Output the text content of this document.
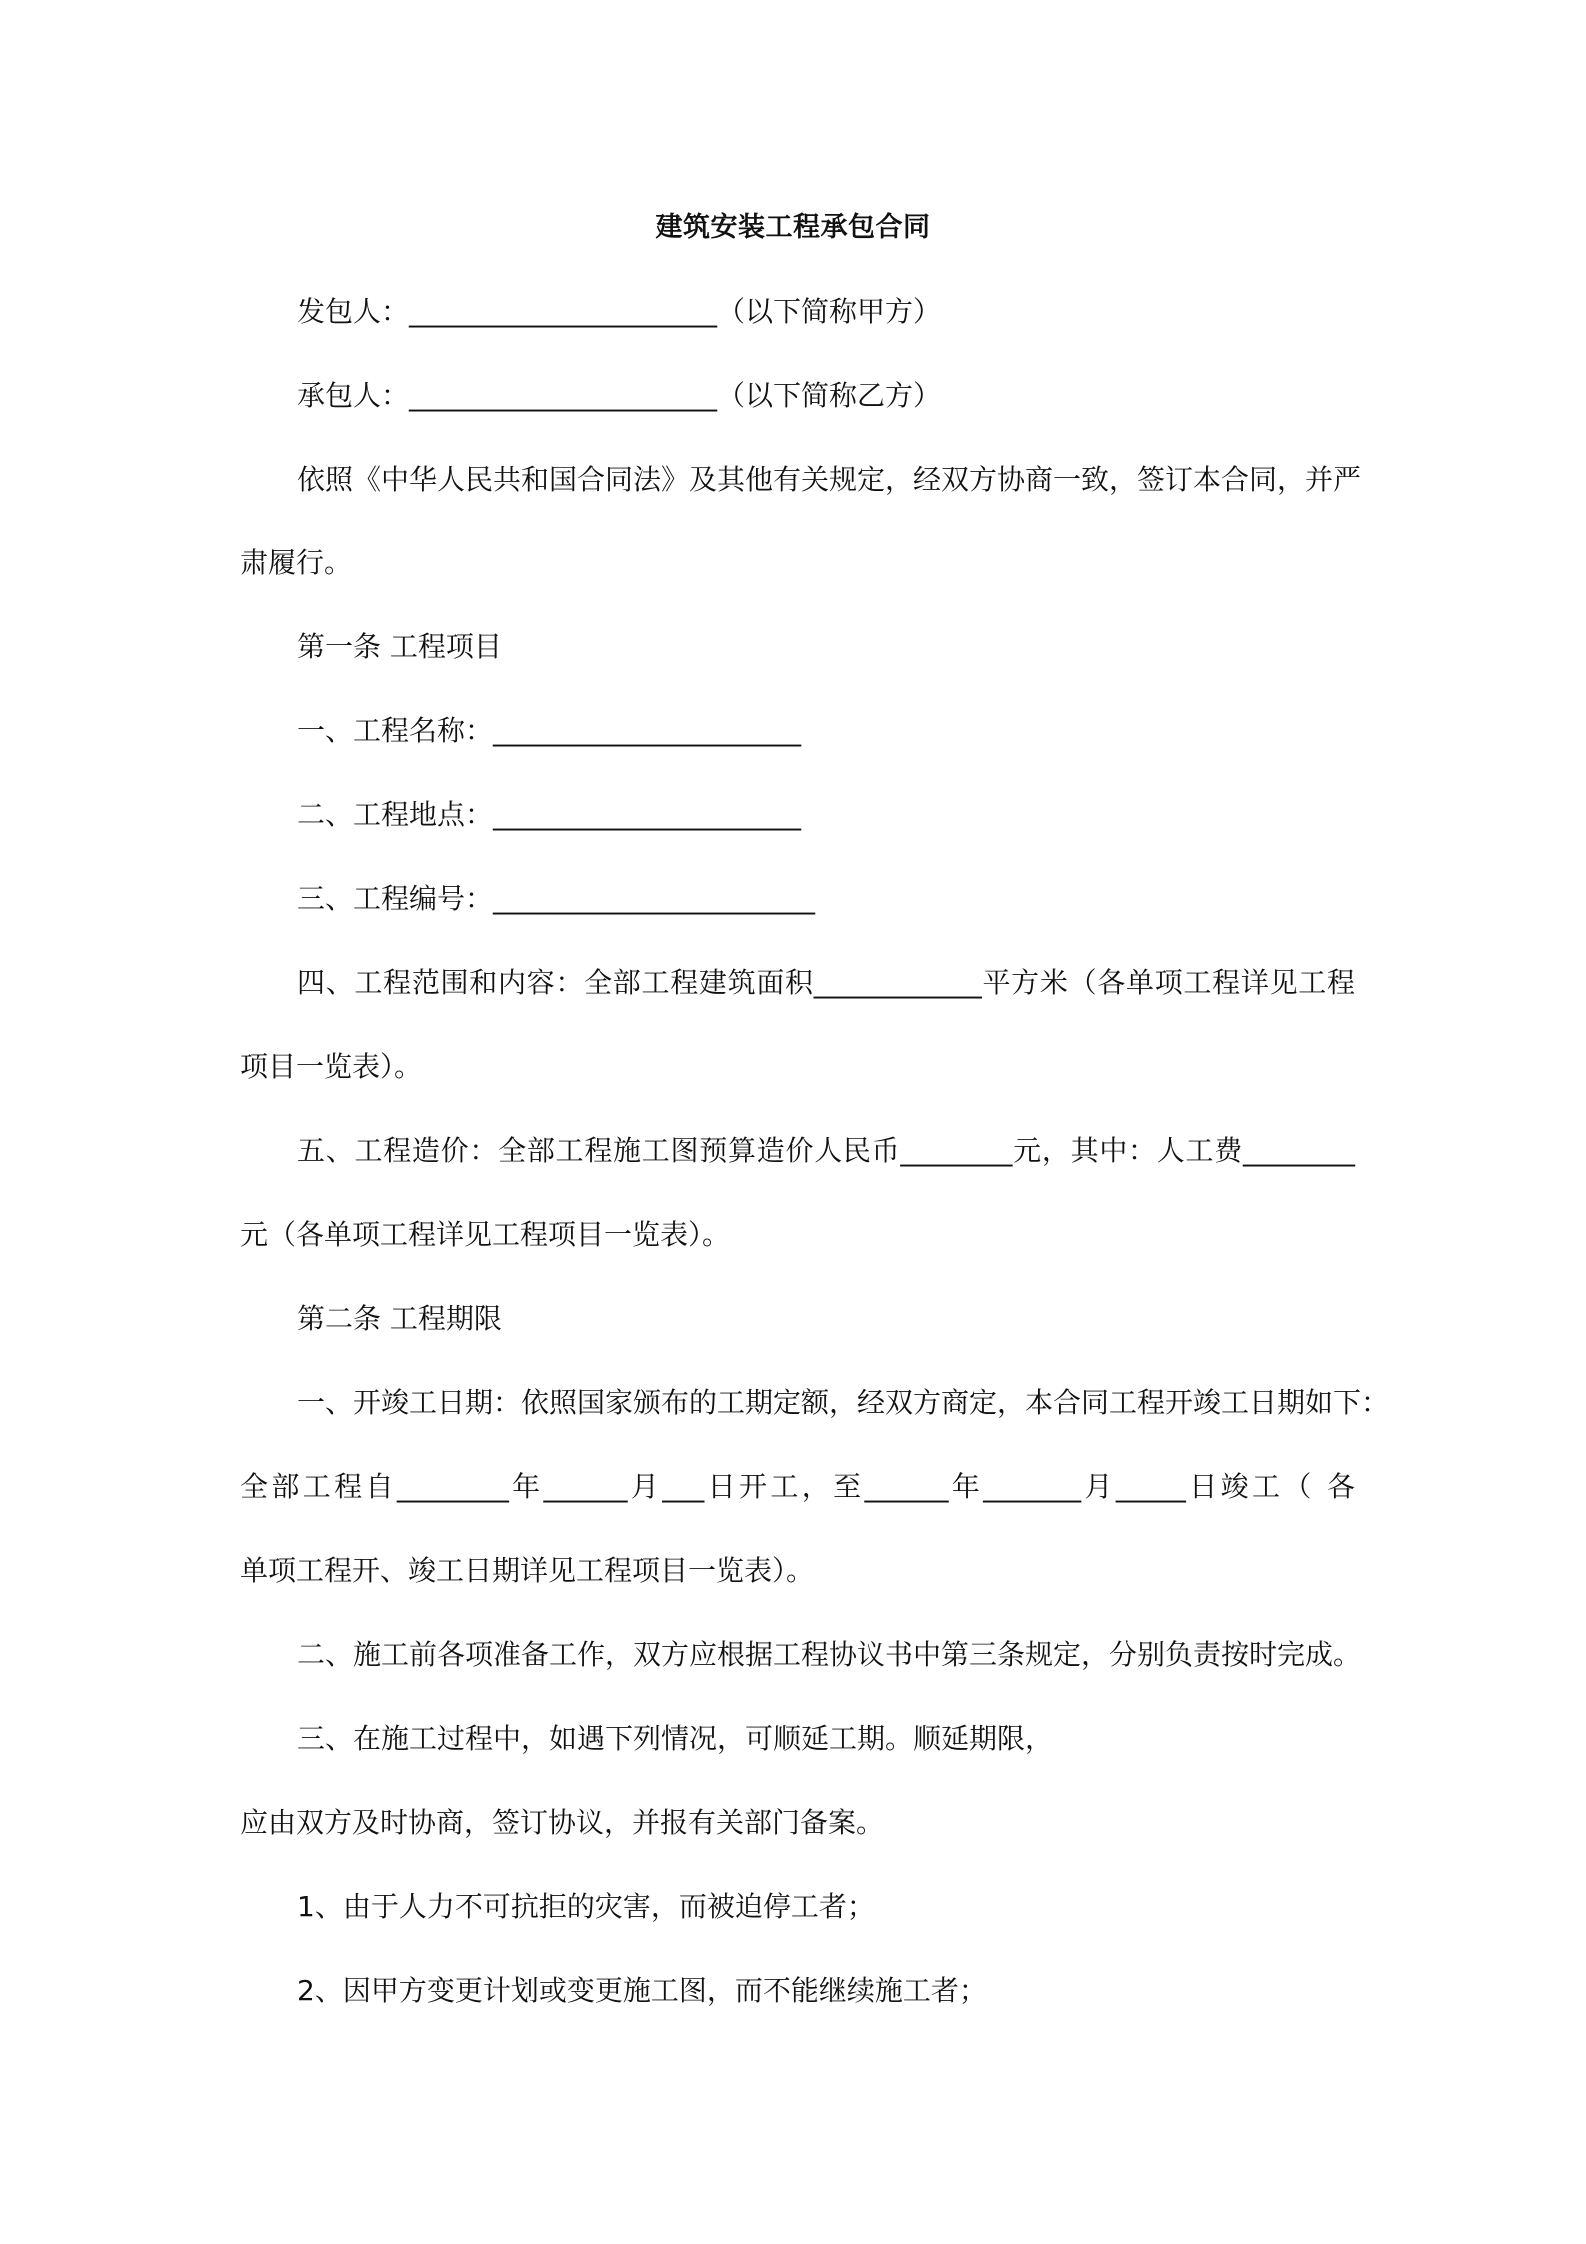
建筑安装工程承包合同
发包人：______________________（以下简称甲方）
承包人：______________________（以下简称乙方）
依照《中华人民共和国合同法》及其他有关规定，经双方协商一致，签订本合同，并严
肃履行。
第一条 工程项目
一、工程名称：______________________
二、工程地点：______________________
三、工程编号：_______________________
四、工程范围和内容：全部工程建筑面积____________平方米（各单项工程详见工程
项目一览表）。
五、工程造价：全部工程施工图预算造价人民币________元，其中：人工费________
元（各单项工程详见工程项目一览表）。
第二条 工程期限
一、开竣工日期：依照国家颁布的工期定额，经双方商定，本合同工程开竣工日期如下：
全部工程自________年______月___日开工，至______年_______月_____日竣工（ 各
单项工程开、竣工日期详见工程项目一览表）。
二、施工前各项准备工作，双方应根据工程协议书中第三条规定，分别负责按时完成。
三、在施工过程中，如遇下列情况，可顺延工期。顺延期限，
应由双方及时协商，签订协议，并报有关部门备案。
1、由于人力不可抗拒的灾害，而被迫停工者；
2、因甲方变更计划或变更施工图，而不能继续施工者；
